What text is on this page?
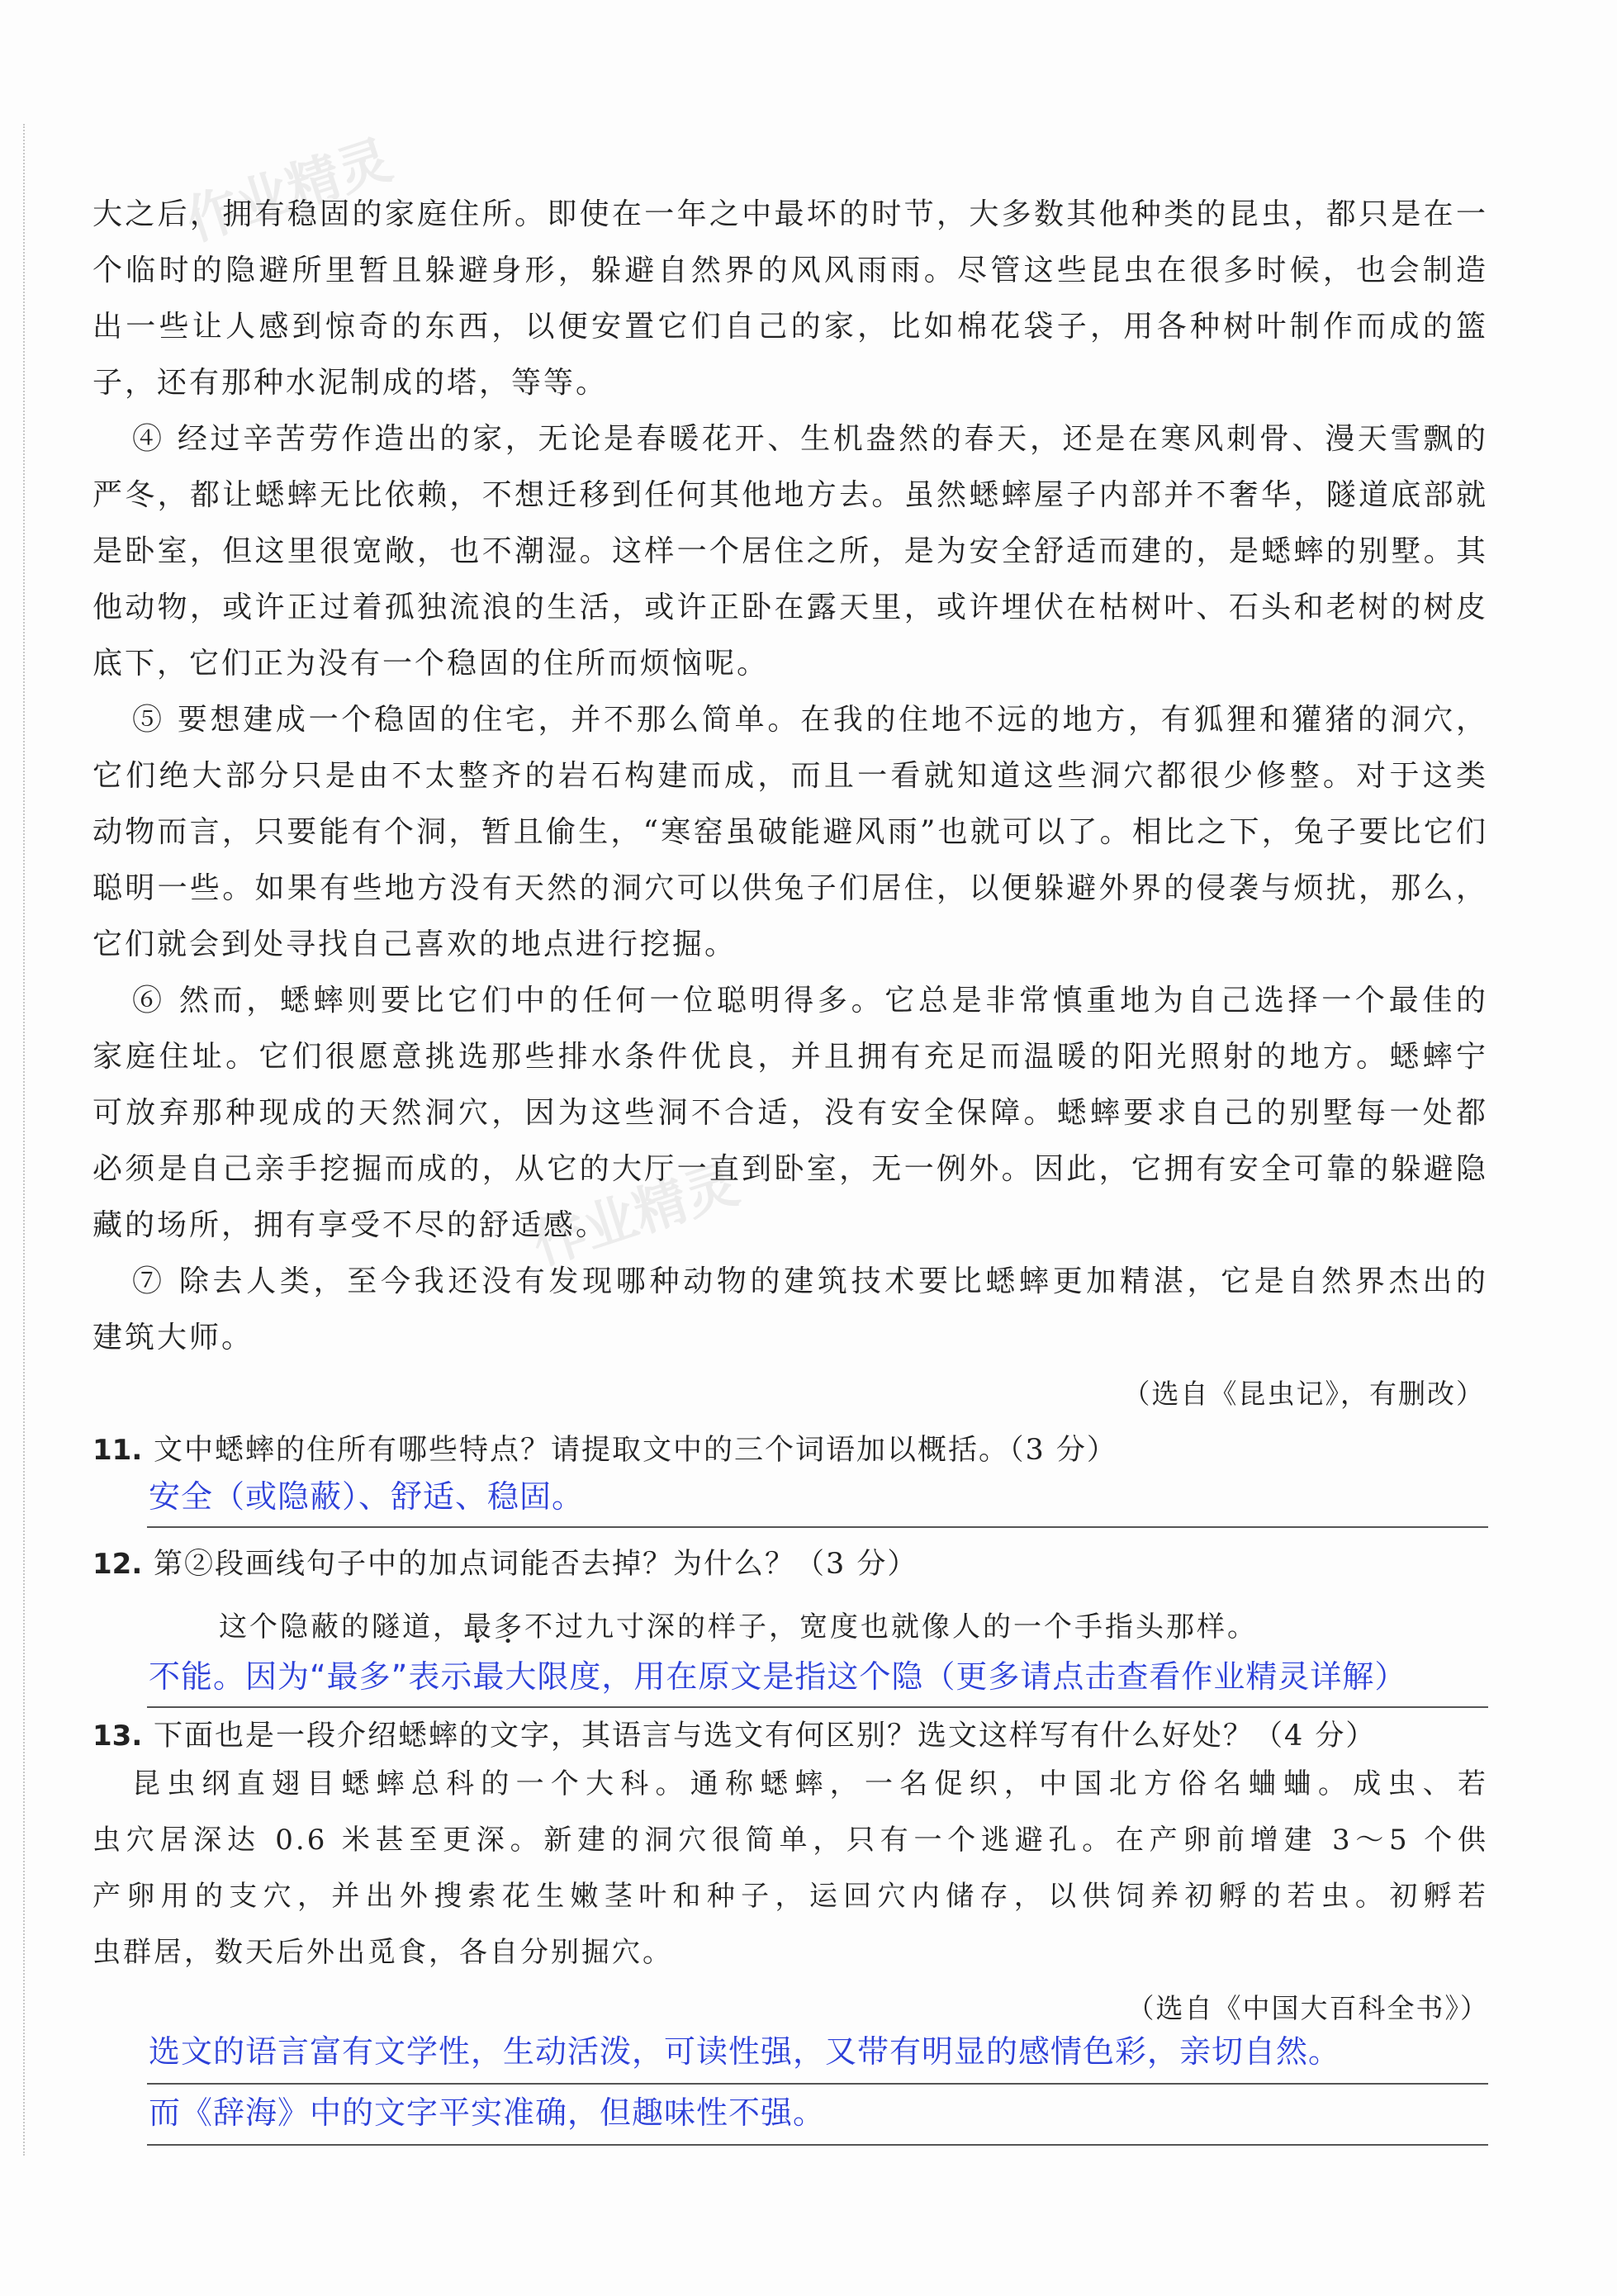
作业精灵
作业精灵
大之后，拥有稳固的家庭住所。即使在一年之中最坏的时节，大多数其他种类的昆虫，都只是在一
个临时的隐避所里暂且躲避身形，躲避自然界的风风雨雨。尽管这些昆虫在很多时候，也会制造
出一些让人感到惊奇的东西，以便安置它们自己的家，比如棉花袋子，用各种树叶制作而成的篮
子，还有那种水泥制成的塔，等等。
④ 经过辛苦劳作造出的家，无论是春暖花开、生机盎然的春天，还是在寒风刺骨、漫天雪飘的
严冬，都让蟋蟀无比依赖，不想迁移到任何其他地方去。虽然蟋蟀屋子内部并不奢华，隧道底部就
是卧室，但这里很宽敞，也不潮湿。这样一个居住之所，是为安全舒适而建的，是蟋蟀的别墅。其
他动物，或许正过着孤独流浪的生活，或许正卧在露天里，或许埋伏在枯树叶、石头和老树的树皮
底下，它们正为没有一个稳固的住所而烦恼呢。
⑤ 要想建成一个稳固的住宅，并不那么简单。在我的住地不远的地方，有狐狸和獾猪的洞穴，
它们绝大部分只是由不太整齐的岩石构建而成，而且一看就知道这些洞穴都很少修整。对于这类
动物而言，只要能有个洞，暂且偷生，“寒窑虽破能避风雨”也就可以了。相比之下，兔子要比它们
聪明一些。如果有些地方没有天然的洞穴可以供兔子们居住，以便躲避外界的侵袭与烦扰，那么，
它们就会到处寻找自己喜欢的地点进行挖掘。
⑥ 然而，蟋蟀则要比它们中的任何一位聪明得多。它总是非常慎重地为自己选择一个最佳的
家庭住址。它们很愿意挑选那些排水条件优良，并且拥有充足而温暖的阳光照射的地方。蟋蟀宁
可放弃那种现成的天然洞穴，因为这些洞不合适，没有安全保障。蟋蟀要求自己的别墅每一处都
必须是自己亲手挖掘而成的，从它的大厅一直到卧室，无一例外。因此，它拥有安全可靠的躲避隐
藏的场所，拥有享受不尽的舒适感。
⑦ 除去人类，至今我还没有发现哪种动物的建筑技术要比蟋蟀更加精湛，它是自然界杰出的
建筑大师。
（选自《昆虫记》，有删改）
11. 文中蟋蟀的住所有哪些特点？请提取文中的三个词语加以概括。（3 分）
安全（或隐蔽）、舒适、稳固。
12. 第②段画线句子中的加点词能否去掉？为什么？（3 分）
这个隐蔽的隧道，最多不过九寸深的样子，宽度也就像人的一个手指头那样。
不能。因为“最多”表示最大限度，用在原文是指这个隐（更多请点击查看作业精灵详解）
13. 下面也是一段介绍蟋蟀的文字，其语言与选文有何区别？选文这样写有什么好处？（4 分）
昆虫纲直翅目蟋蟀总科的一个大科。通称蟋蟀，一名促织，中国北方俗名蛐蛐。成虫、若
虫穴居深达 0.6 米甚至更深。新建的洞穴很简单，只有一个逃避孔。在产卵前增建 3～5 个供
产卵用的支穴，并出外搜索花生嫩茎叶和种子，运回穴内储存，以供饲养初孵的若虫。初孵若
虫群居，数天后外出觅食，各自分别掘穴。
（选自《中国大百科全书》）
选文的语言富有文学性，生动活泼，可读性强，又带有明显的感情色彩，亲切自然。
而《辞海》中的文字平实准确，但趣味性不强。
